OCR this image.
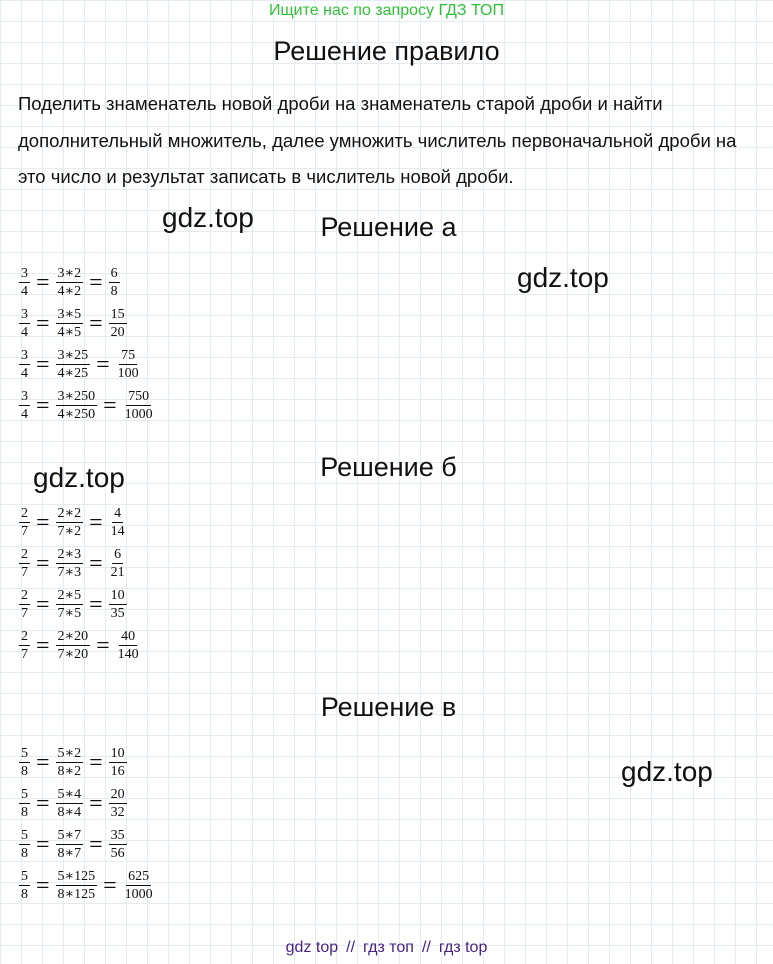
Ищите нас по запросу ГДЗ ТОП
Решение правило

Поделить знаменатель новой дроби на знаменатель старой дроби и найти дополнительный множитель, далее умножить числитель первоначальной дроби на это число и результат записать в числитель новой дроби.

gdz.top	Решение а
gdz.top
$\frac{3}{4} = \frac{3∗2}{4∗2} = \frac{6}{8}$
$\frac{3}{4} = \frac{3∗5}{4∗5} = \frac{15}{20}$
$\frac{3}{4} = \frac{3∗25}{4∗25} = \frac{75}{100}$
$\frac{3}{4} = \frac{3∗250}{4∗250} = \frac{750}{1000}$
gdz.top	Решение б
$\frac{2}{7} = \frac{2∗2}{7∗2} = \frac{4}{14}$
$\frac{2}{7} = \frac{2∗3}{7∗3} = \frac{6}{21}$
$\frac{2}{7} = \frac{2∗5}{7∗5} = \frac{10}{35}$
$\frac{2}{7} = \frac{2∗20}{7∗20} = \frac{40}{140}$
Решение в
gdz.top
$\frac{5}{8} = \frac{5∗2}{8∗2} = \frac{10}{16}$
$\frac{5}{8} = \frac{5∗4}{8∗4} = \frac{20}{32}$
$\frac{5}{8} = \frac{5∗7}{8∗7} = \frac{35}{56}$
$\frac{5}{8} = \frac{5∗125}{8∗125} = \frac{625}{1000}$
gdz top // гдз топ // гдз top
